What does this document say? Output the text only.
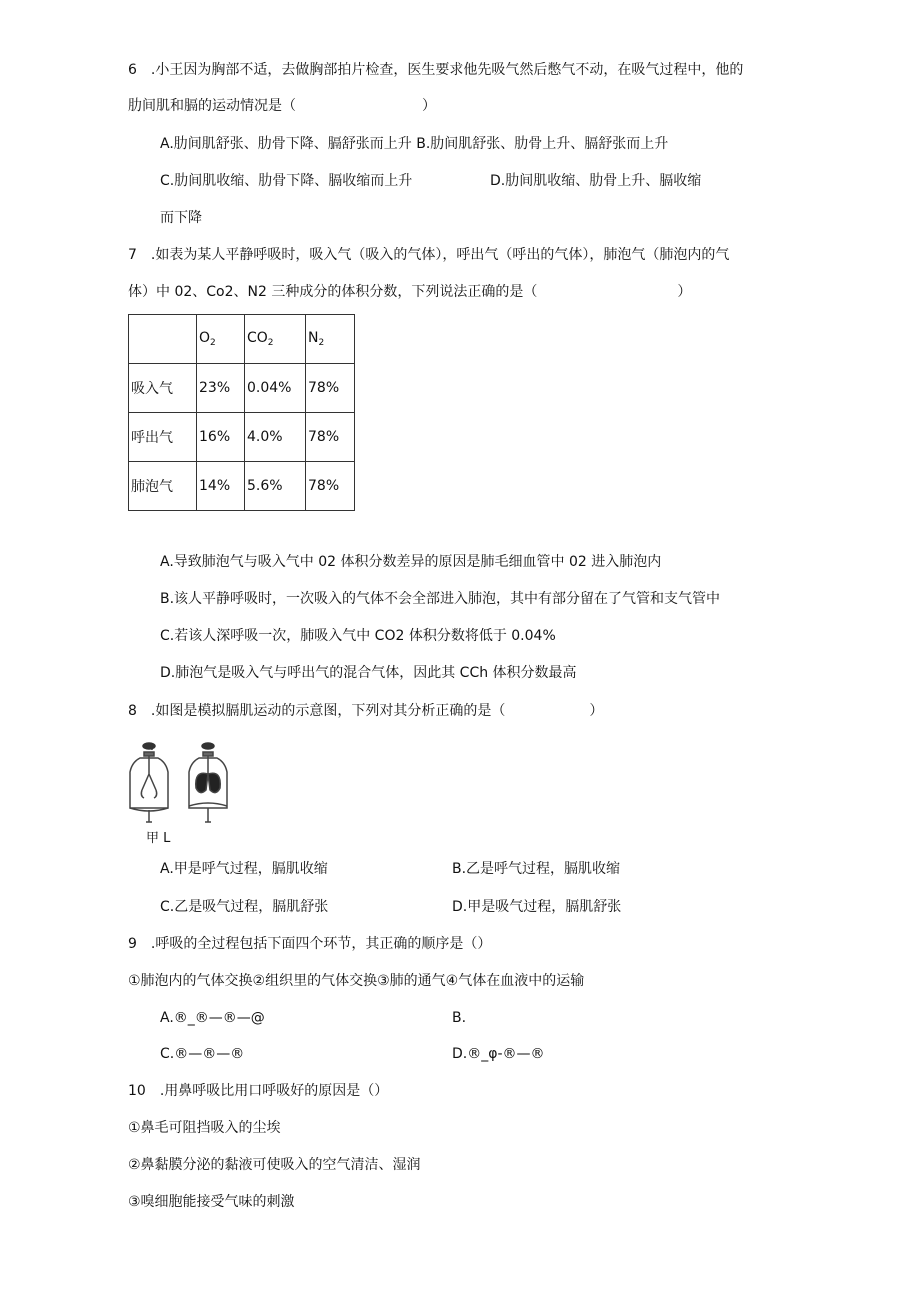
6　.小王因为胸部不适，去做胸部拍片检查，医生要求他先吸气然后憋气不动，在吸气过程中，他的
肋间肌和膈的运动情况是（　　　　　　　　　）
A.肋间肌舒张、肋骨下降、膈舒张而上升 B.肋间肌舒张、肋骨上升、膈舒张而上升
C.肋间肌收缩、肋骨下降、膈收缩而上升	D.肋间肌收缩、肋骨上升、膈收缩
而下降
7　.如表为某人平静呼吸时，吸入气（吸入的气体），呼出气（呼出的气体），肺泡气（肺泡内的气
体）中 02、Co2、N2 三种成分的体积分数，下列说法正确的是（　　　　　　　　　　）
	$O_2$	$CO_2$	$N_2$
吸入气	23%	0.04%	78%
呼出气	16%	4.0%	78%
肺泡气	14%	5.6%	78%
A.导致肺泡气与吸入气中 02 体积分数差异的原因是肺毛细血管中 02 进入肺泡内
B.该人平静呼吸时，一次吸入的气体不会全部进入肺泡，其中有部分留在了气管和支气管中
C.若该人深呼吸一次，肺吸入气中 CO2 体积分数将低于 0.04%
D.肺泡气是吸入气与呼出气的混合气体，因此其 CCh 体积分数最高
8　.如图是模拟膈肌运动的示意图，下列对其分析正确的是（　　　　　　）
甲 L
A.甲是呼气过程，膈肌收缩	B.乙是呼气过程，膈肌收缩
C.乙是吸气过程，膈肌舒张	D.甲是吸气过程，膈肌舒张
9　.呼吸的全过程包括下面四个环节，其正确的顺序是（）
①肺泡内的气体交换②组织里的气体交换③肺的通气④气体在血液中的运输
A.®_®—®—@	B.
C.®—®—®	D.®_φ-®—®
10　.用鼻呼吸比用口呼吸好的原因是（）
①鼻毛可阻挡吸入的尘埃
②鼻黏膜分泌的黏液可使吸入的空气清洁、湿润
③嗅细胞能接受气味的刺激
